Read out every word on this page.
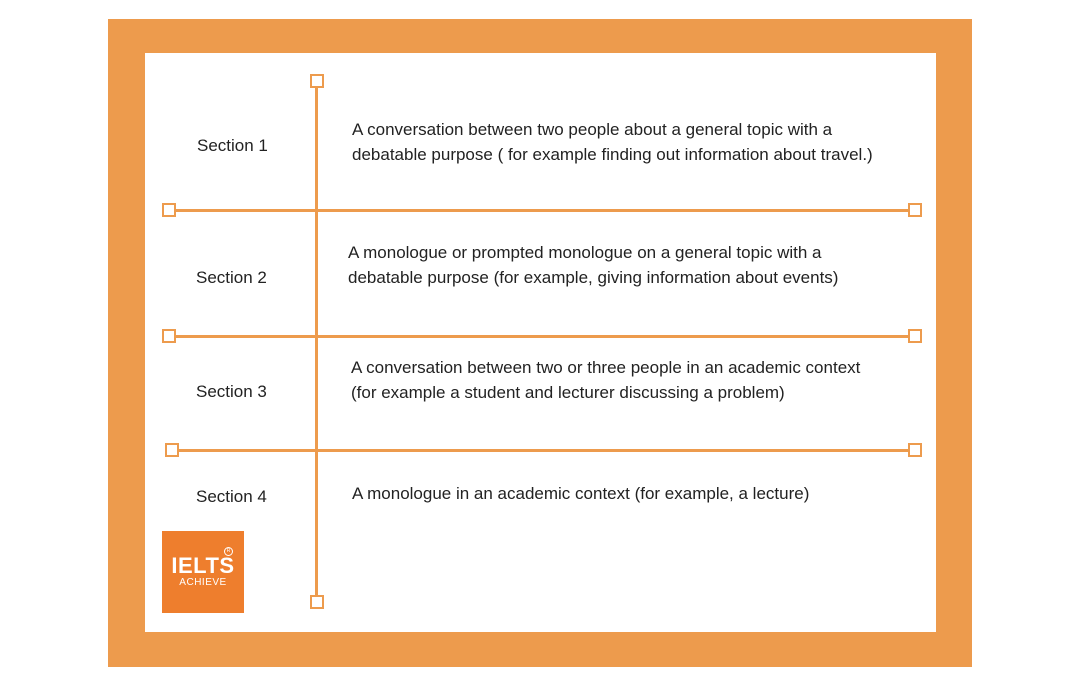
Section 1
Section 2
Section 3
Section 4
A conversation between two people about a general topic with a debatable purpose ( for example finding out information about travel.)
A monologue or prompted monologue on a general topic with a debatable purpose (for example, giving information about events)
A conversation between two or three people in an academic context (for example a student and lecturer discussing a problem)
A monologue in an academic context (for example, a lecture)
IELTS
R
ACHIEVE
